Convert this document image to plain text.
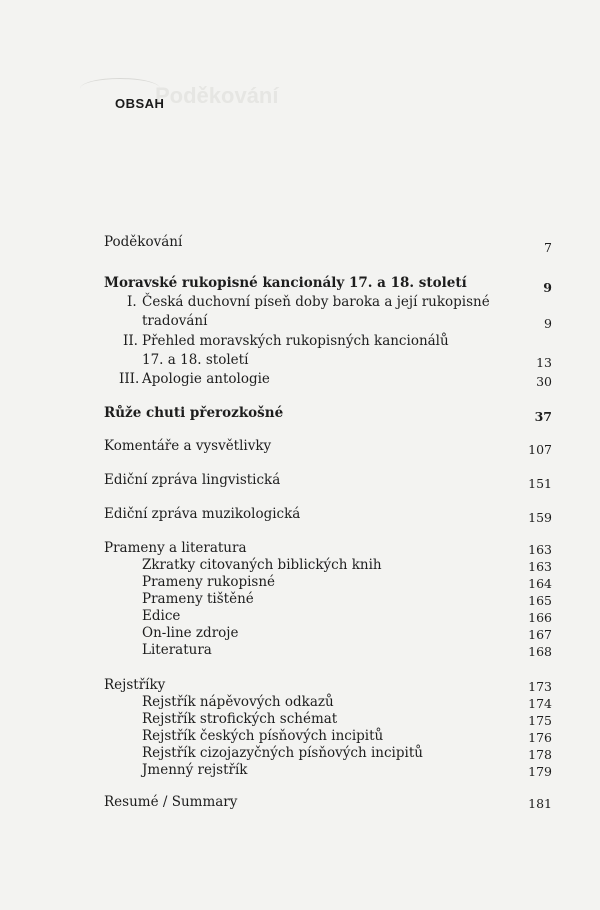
Poděkování
OBSAH
Poděkování	7
Moravské rukopisné kancionály 17. a 18. století	9
I. Česká duchovní píseň doby baroka a její rukopisné
tradování	9
II. Přehled moravských rukopisných kancionálů
17. a 18. století	13
III. Apologie antologie	30
Růže chuti přerozkošné	37
Komentáře a vysvětlivky	107
Ediční zpráva lingvistická	151
Ediční zpráva muzikologická	159
Prameny a literatura	163
Zkratky citovaných biblických knih	163
Prameny rukopisné	164
Prameny tištěné	165
Edice	166
On-line zdroje	167
Literatura	168
Rejstříky	173
Rejstřík nápěvových odkazů	174
Rejstřík strofických schémat	175
Rejstřík českých písňových incipitů	176
Rejstřík cizojazyčných písňových incipitů	178
Jmenný rejstřík	179
Resumé / Summary	181
